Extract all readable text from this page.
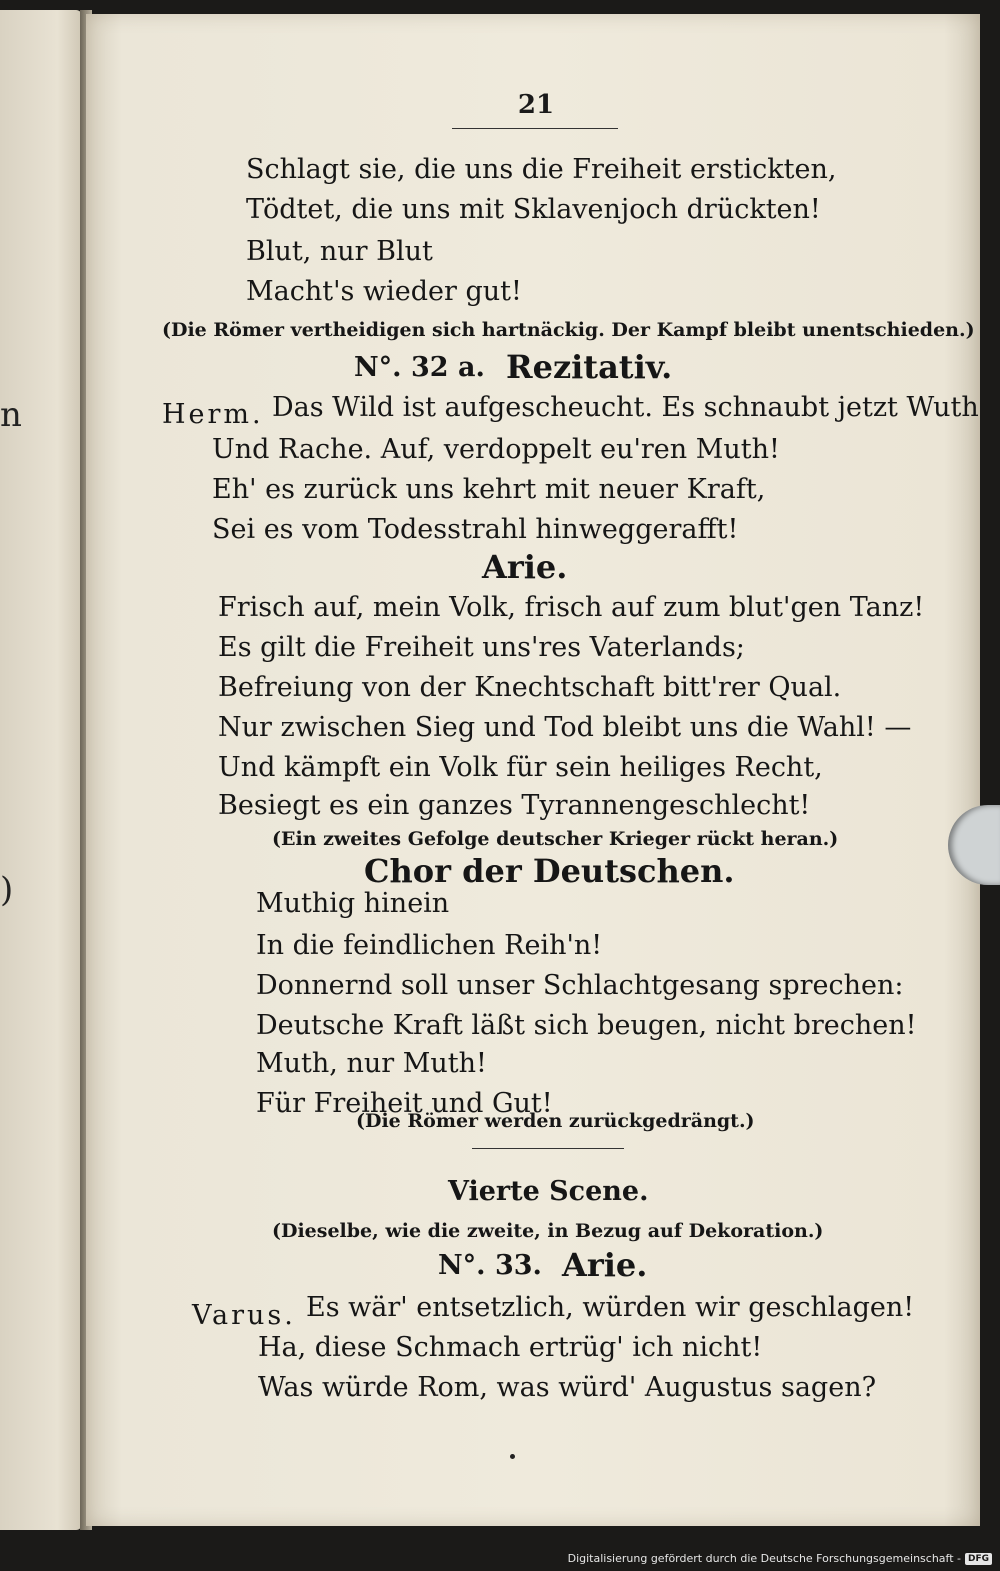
n
)
21
Schlagt sie, die uns die Freiheit erstickten,
Tödtet, die uns mit Sklavenjoch drückten!
Blut, nur Blut
Macht's wieder gut!
(Die Römer vertheidigen sich hartnäckig. Der Kampf bleibt unentschieden.)
N°. 32 a. Rezitativ.
Herm. Das Wild ist aufgescheucht. Es schnaubt jetzt Wuth
Und Rache. Auf, verdoppelt eu'ren Muth!
Eh' es zurück uns kehrt mit neuer Kraft,
Sei es vom Todesstrahl hinweggerafft!
Arie.
Frisch auf, mein Volk, frisch auf zum blut'gen Tanz!
Es gilt die Freiheit uns'res Vaterlands;
Befreiung von der Knechtschaft bitt'rer Qual.
Nur zwischen Sieg und Tod bleibt uns die Wahl! —
Und kämpft ein Volk für sein heiliges Recht,
Besiegt es ein ganzes Tyrannengeschlecht!
(Ein zweites Gefolge deutscher Krieger rückt heran.)
Chor der Deutschen.
Muthig hinein
In die feindlichen Reih'n!
Donnernd soll unser Schlachtgesang sprechen:
Deutsche Kraft läßt sich beugen, nicht brechen!
Muth, nur Muth!
Für Freiheit und Gut!
(Die Römer werden zurückgedrängt.)
Vierte Scene.
(Dieselbe, wie die zweite, in Bezug auf Dekoration.)
N°. 33. Arie.
Varus. Es wär' entsetzlich, würden wir geschlagen!
Ha, diese Schmach ertrüg' ich nicht!
Was würde Rom, was würd' Augustus sagen?
Digitalisierung gefördert durch die Deutsche Forschungsgemeinschaft - DFG
